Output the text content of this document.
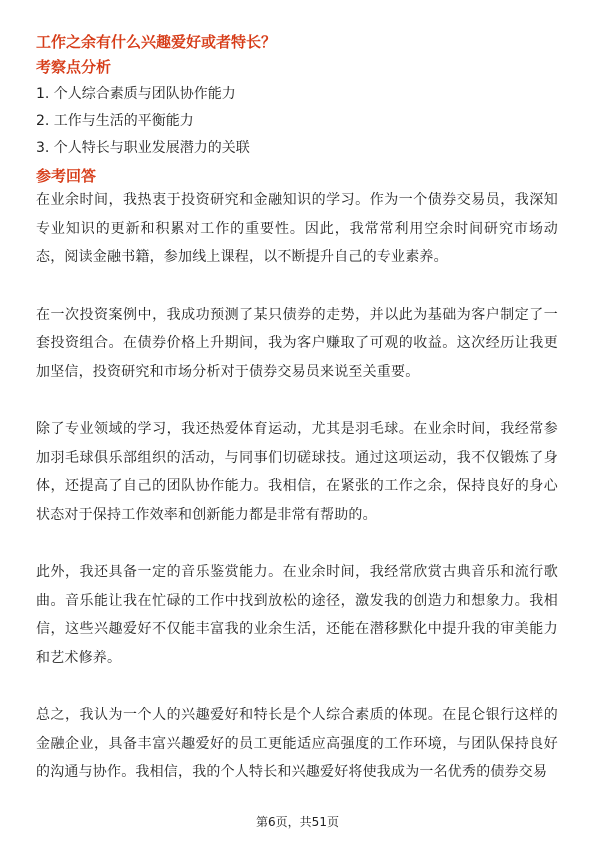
工作之余有什么兴趣爱好或者特长？
考察点分析
1. 个人综合素质与团队协作能力
2. 工作与生活的平衡能力
3. 个人特长与职业发展潜力的关联
参考回答

在业余时间，我热衷于投资研究和金融知识的学习。作为一个债券交易员，我深知专业知识的更新和积累对工作的重要性。因此，我常常利用空余时间研究市场动态，阅读金融书籍，参加线上课程，以不断提升自己的专业素养。

在一次投资案例中，我成功预测了某只债券的走势，并以此为基础为客户制定了一套投资组合。在债券价格上升期间，我为客户赚取了可观的收益。这次经历让我更加坚信，投资研究和市场分析对于债券交易员来说至关重要。

除了专业领域的学习，我还热爱体育运动，尤其是羽毛球。在业余时间，我经常参加羽毛球俱乐部组织的活动，与同事们切磋球技。通过这项运动，我不仅锻炼了身体，还提高了自己的团队协作能力。我相信，在紧张的工作之余，保持良好的身心状态对于保持工作效率和创新能力都是非常有帮助的。

此外，我还具备一定的音乐鉴赏能力。在业余时间，我经常欣赏古典音乐和流行歌曲。音乐能让我在忙碌的工作中找到放松的途径，激发我的创造力和想象力。我相信，这些兴趣爱好不仅能丰富我的业余生活，还能在潜移默化中提升我的审美能力和艺术修养。

总之，我认为一个人的兴趣爱好和特长是个人综合素质的体现。在昆仑银行这样的金融企业，具备丰富兴趣爱好的员工更能适应高强度的工作环境，与团队保持良好的沟通与协作。我相信，我的个人特长和兴趣爱好将使我成为一名优秀的债券交易

第6页，共51页
